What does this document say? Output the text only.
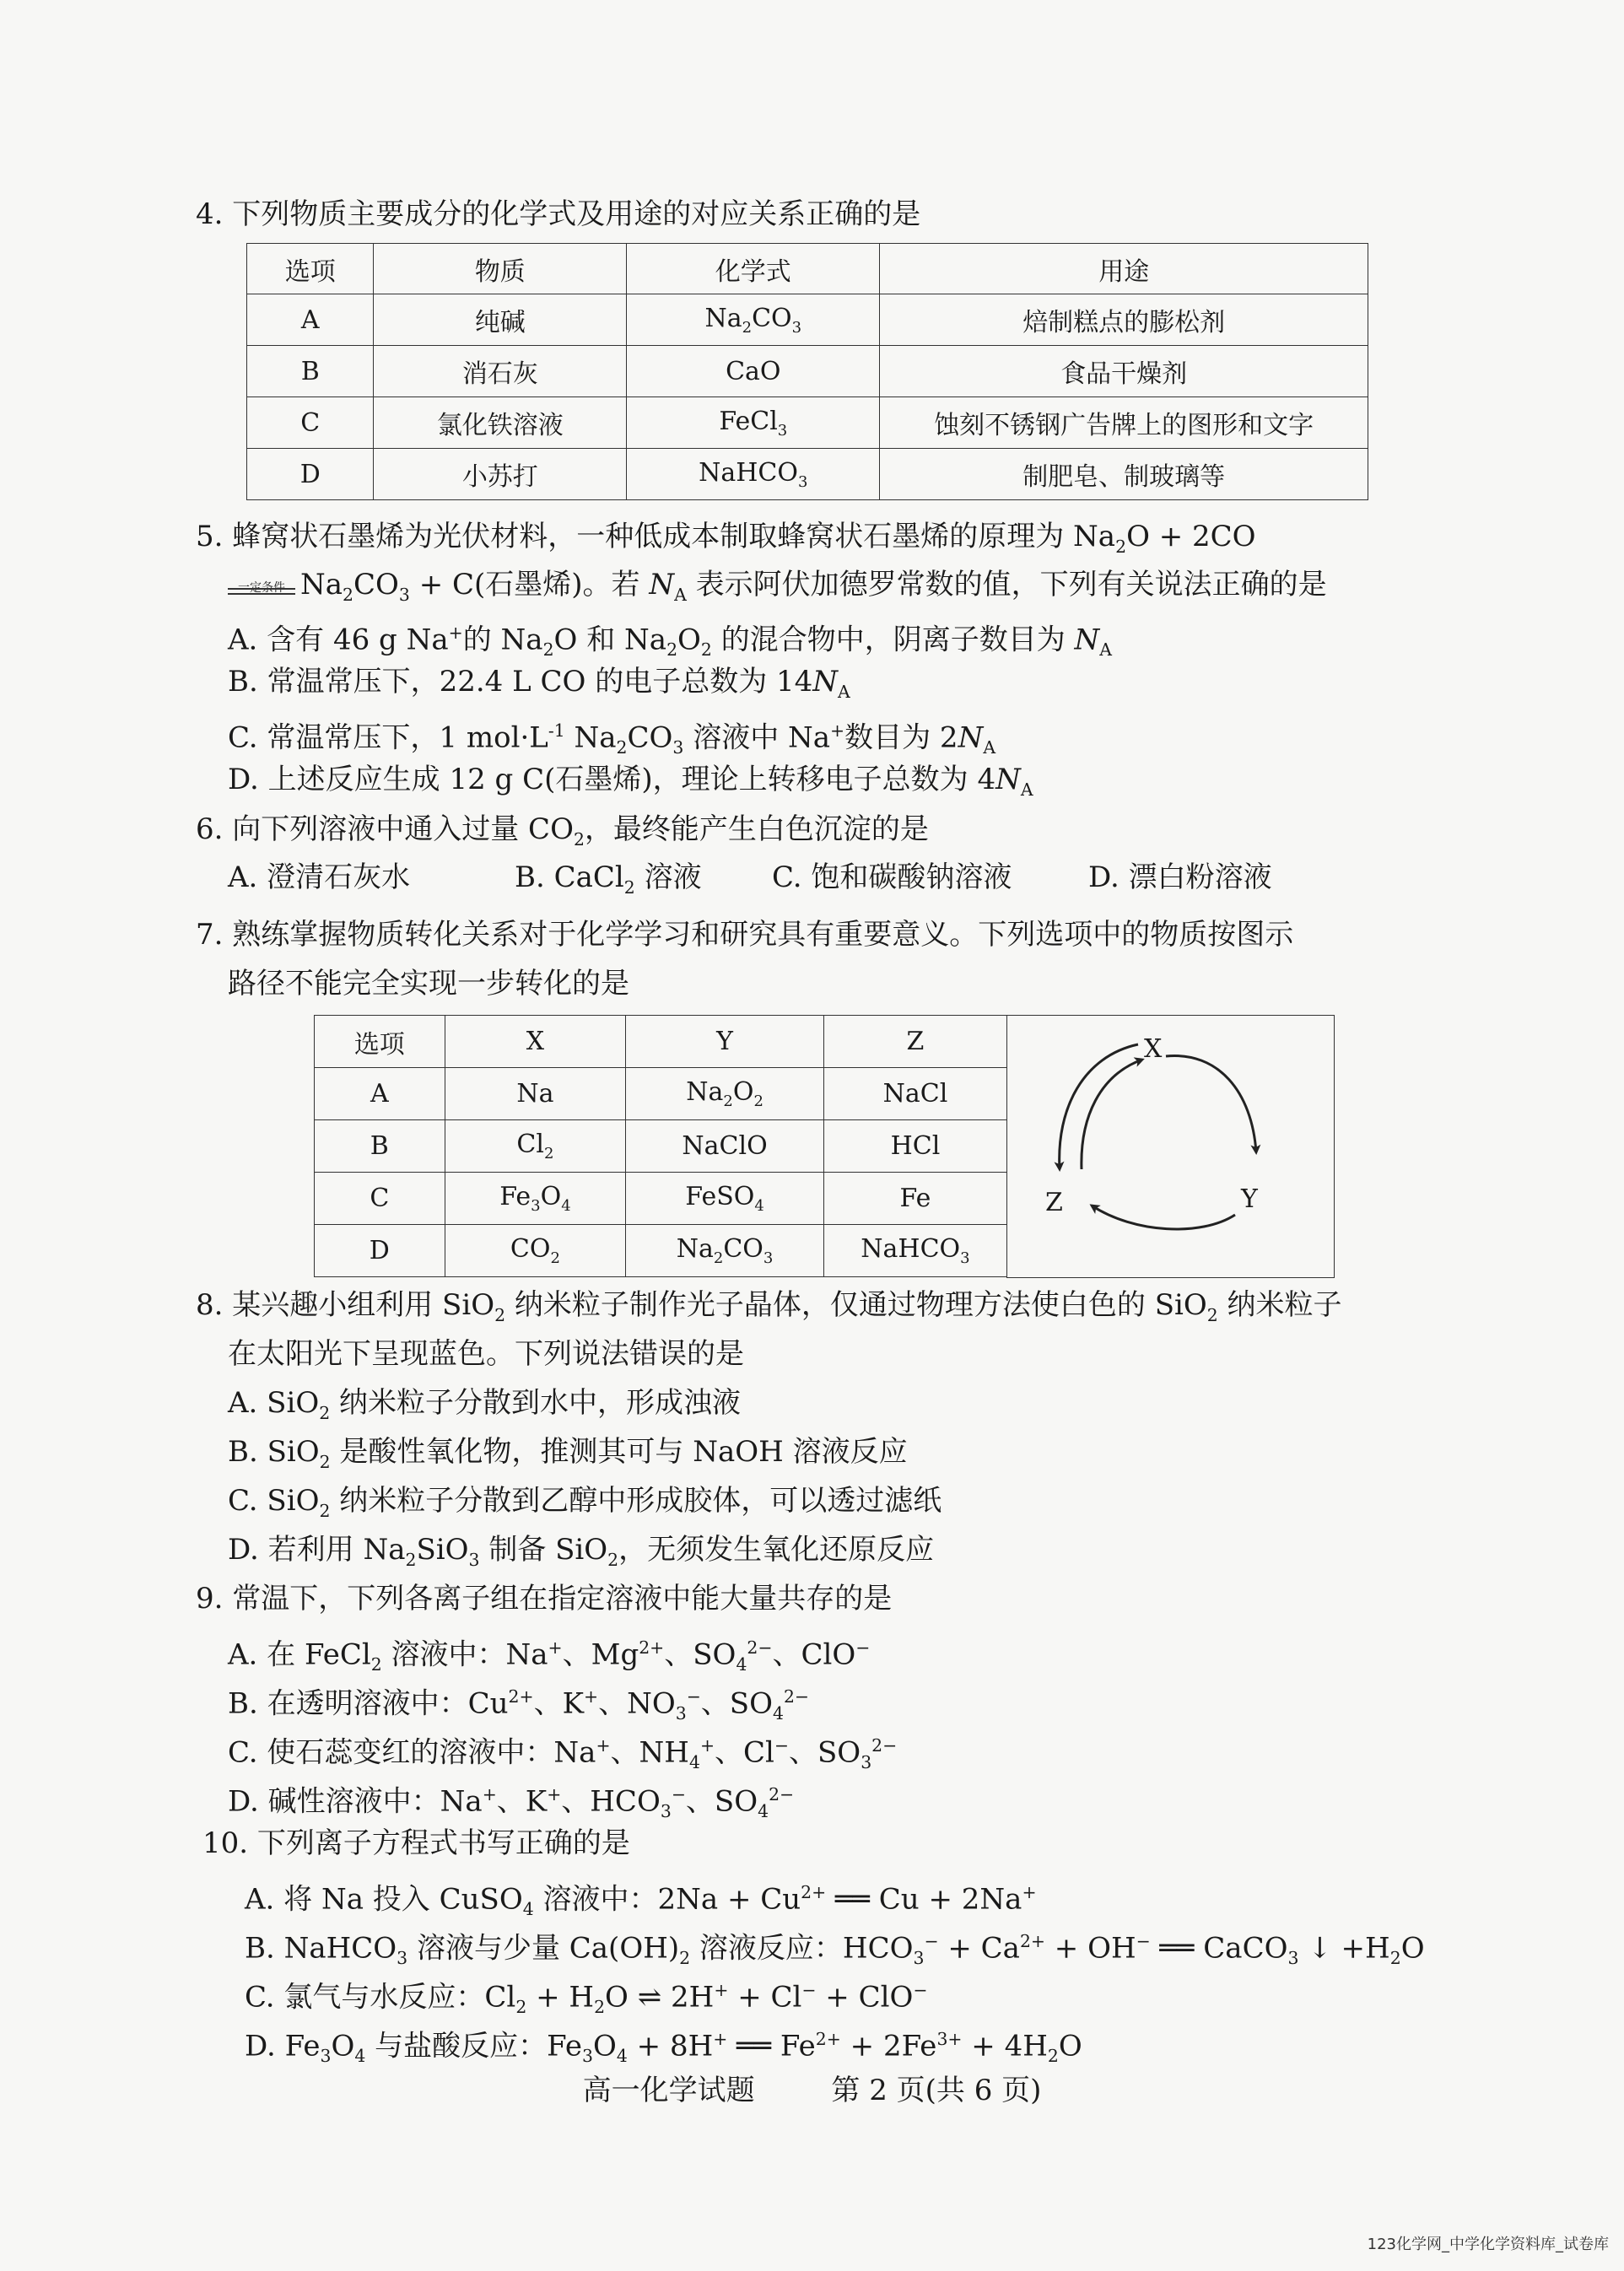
4. 下列物质主要成分的化学式及用途的对应关系正确的是
选项	物质	化学式	用途
A	纯碱	$Na_2CO_3$	焙制糕点的膨松剂
B	消石灰	CaO	食品干燥剂
C	氯化铁溶液	FeCl$_3$	蚀刻不锈钢广告牌上的图形和文字
D	小苏打	NaHCO$_3$	制肥皂、制玻璃等
5. 蜂窝状石墨烯为光伏材料，一种低成本制取蜂窝状石墨烯的原理为 $Na_2O + 2CO$
一定条件 $Na_2CO_3 + C$(石墨烯)。若 $N_A$ 表示阿伏加德罗常数的值，下列有关说法正确的是
A. 含有 46 g Na+的 $Na_2O$ 和 $Na_2O_2$ 的混合物中，阴离子数目为 $N_A$
B. 常温常压下，22.4 L CO 的电子总数为 $14N_A$
C. 常温常压下，1 $mol\cdot L^{-1}$ $Na_2CO_3$ 溶液中 Na+数目为 $2N_A$
D. 上述反应生成 12 g C(石墨烯)，理论上转移电子总数为 $4N_A$
6. 向下列溶液中通入过量 $CO_2$，最终能产生白色沉淀的是
A. 澄清石灰水	B. CaCl$_2$ 溶液 C. 饱和碳酸钠溶液	D. 漂白粉溶液
7. 熟练掌握物质转化关系对于化学学习和研究具有重要意义。下列选项中的物质按图示
路径不能完全实现一步转化的是
选项	X	Y	Z
A	Na	$Na_2O_2$	NaCl
B	$Cl_2$	NaClO	HCl
C	$Fe_3O_4$	FeSO$_4$	Fe
D	$CO_2$	$Na_2CO_3$	NaHCO$_3$
X
Y
Z
8. 某兴趣小组利用 SiO$_2$ 纳米粒子制作光子晶体，仅通过物理方法使白色的 SiO$_2$ 纳米粒子
在太阳光下呈现蓝色。下列说法错误的是
A. SiO$_2$ 纳米粒子分散到水中，形成浊液
B. SiO$_2$ 是酸性氧化物，推测其可与 NaOH 溶液反应
C. SiO$_2$ 纳米粒子分散到乙醇中形成胶体，可以透过滤纸
D. 若利用 $Na_2SiO_3$ 制备 SiO$_2$，无须发生氧化还原反应
9. 常温下，下列各离子组在指定溶液中能大量共存的是
A. 在 FeCl$_2$ 溶液中：Na+、$Mg^{2+}$、$SO_4^{2-}$、ClO−
B. 在透明溶液中：$Cu^{2+}$、K+、$NO_3^-$、$SO_4^{2-}$
C. 使石蕊变红的溶液中：Na+、$NH_4^+$、Cl−、$SO_3^{2-}$
D. 碱性溶液中：Na+、K+、$HCO_3^-$、$SO_4^{2-}$
10. 下列离子方程式书写正确的是
A. 将 Na 投入 CuSO$_4$ 溶液中：$2Na + Cu^{2+}$ ══ Cu + 2Na+
B. NaHCO$_3$ 溶液与少量 $Ca(OH)_2$ 溶液反应：$HCO_3^- + Ca^{2+} + OH^-$ ══ CaCO$_3$ ↓ $+H_2O$
C. 氯气与水反应：$Cl_2 + H_2O$ ⇌ 2H+ + Cl− + ClO−
D. $Fe_3O_4$ 与盐酸反应：$Fe_3O_4 + 8H^+$ ══ $Fe^{2+} + 2Fe^{3+} + 4H_2O$
高一化学试题	第 2 页(共 6 页)
123化学网_中学化学资料库_试卷库
